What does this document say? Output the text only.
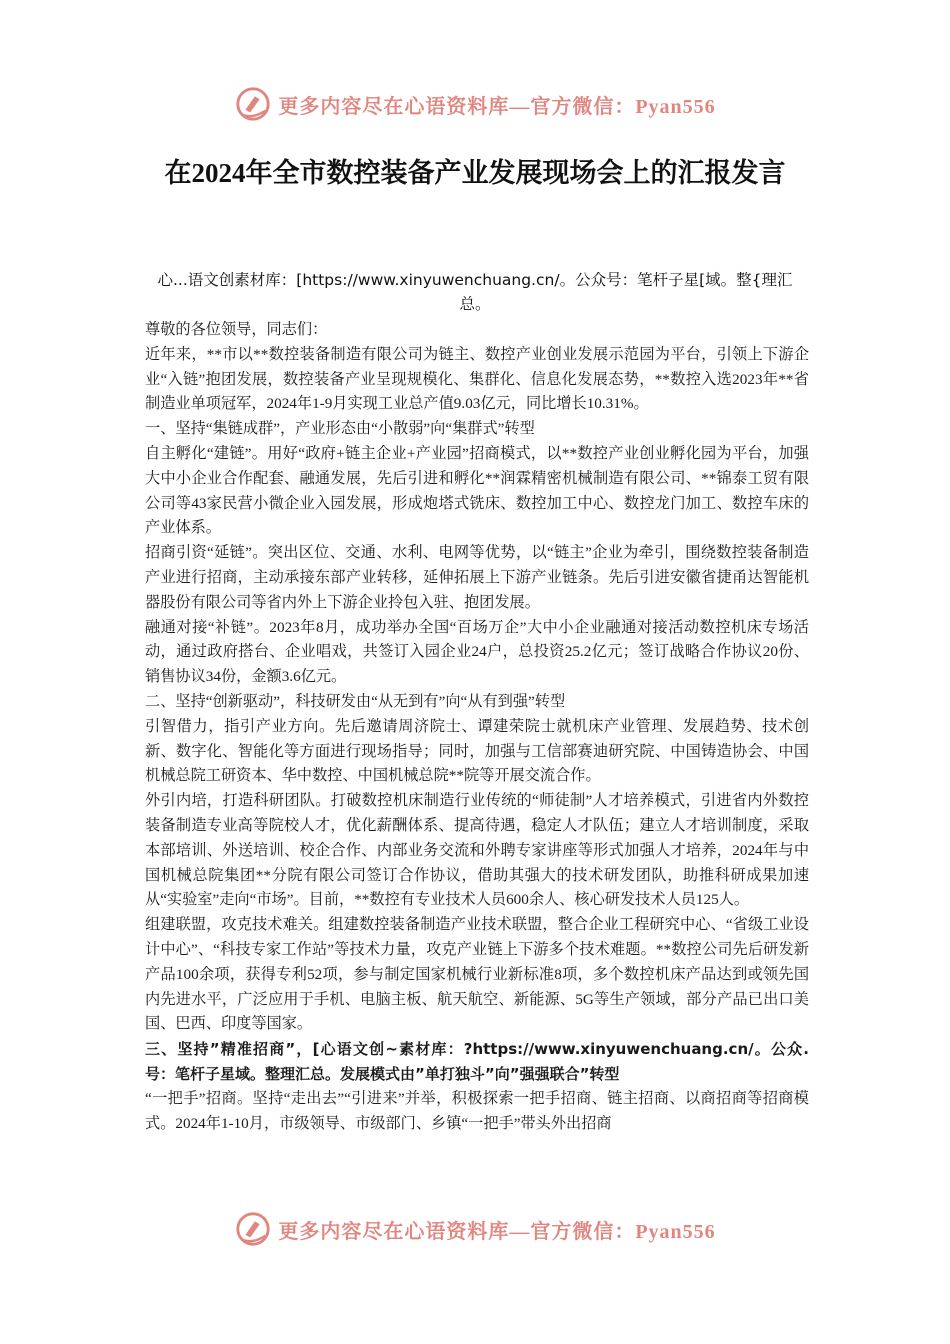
更多内容尽在心语资料库—官方微信：Pyan556
在2024年全市数控装备产业发展现场会上的汇报发言
心...语文创素材库：[https://www.xinyuwenchuang.cn/。公众号：笔杆子星[域。整{理汇总。

尊敬的各位领导，同志们：

近年来，**市以**数控装备制造有限公司为链主、数控产业创业发展示范园为平台，引领上下游企业“入链”抱团发展，数控装备产业呈现规模化、集群化、信息化发展态势，**数控入选2023年**省制造业单项冠军，2024年1-9月实现工业总产值9.03亿元，同比增长10.31%。

一、坚持“集链成群”，产业形态由“小散弱”向“集群式”转型

自主孵化“建链”。用好“政府+链主企业+产业园”招商模式，以**数控产业创业孵化园为平台，加强大中小企业合作配套、融通发展，先后引进和孵化**润霖精密机械制造有限公司、**锦泰工贸有限公司等43家民营小微企业入园发展，形成炮塔式铣床、数控加工中心、数控龙门加工、数控车床的产业体系。

招商引资“延链”。突出区位、交通、水利、电网等优势，以“链主”企业为牵引，围绕数控装备制造产业进行招商，主动承接东部产业转移，延伸拓展上下游产业链条。先后引进安徽省捷甬达智能机器股份有限公司等省内外上下游企业拎包入驻、抱团发展。

融通对接“补链”。2023年8月，成功举办全国“百场万企”大中小企业融通对接活动数控机床专场活动，通过政府搭台、企业唱戏，共签订入园企业24户，总投资25.2亿元；签订战略合作协议20份、销售协议34份，金额3.6亿元。

二、坚持“创新驱动”，科技研发由“从无到有”向“从有到强”转型

引智借力，指引产业方向。先后邀请周济院士、谭建荣院士就机床产业管理、发展趋势、技术创新、数字化、智能化等方面进行现场指导；同时，加强与工信部赛迪研究院、中国铸造协会、中国机械总院工研资本、华中数控、中国机械总院**院等开展交流合作。

外引内培，打造科研团队。打破数控机床制造行业传统的“师徒制”人才培养模式，引进省内外数控装备制造专业高等院校人才，优化薪酬体系、提高待遇，稳定人才队伍；建立人才培训制度，采取本部培训、外送培训、校企合作、内部业务交流和外聘专家讲座等形式加强人才培养，2024年与中国机械总院集团**分院有限公司签订合作协议，借助其强大的技术研发团队，助推科研成果加速从“实验室”走向“市场”。目前，**数控有专业技术人员600余人、核心研发技术人员125人。

组建联盟，攻克技术难关。组建数控装备制造产业技术联盟，整合企业工程研究中心、“省级工业设计中心”、“科技专家工作站”等技术力量，攻克产业链上下游多个技术难题。**数控公司先后研发新产品100余项，获得专利52项，参与制定国家机械行业新标准8项，多个数控机床产品达到或领先国内先进水平，广泛应用于手机、电脑主板、航天航空、新能源、5G等生产领域，部分产品已出口美国、巴西、印度等国家。

三、坚持”精准招商”，[心语文创~素材库：?https://www.xinyuwenchuang.cn/。公众.号：笔杆子星域。整理汇总。发展模式由”单打独斗”向”强强联合”转型

“一把手”招商。坚持“走出去”“引进来”并举，积极探索一把手招商、链主招商、以商招商等招商模式。2024年1-10月，市级领导、市级部门、乡镇“一把手”带头外出招商

更多内容尽在心语资料库—官方微信：Pyan556
